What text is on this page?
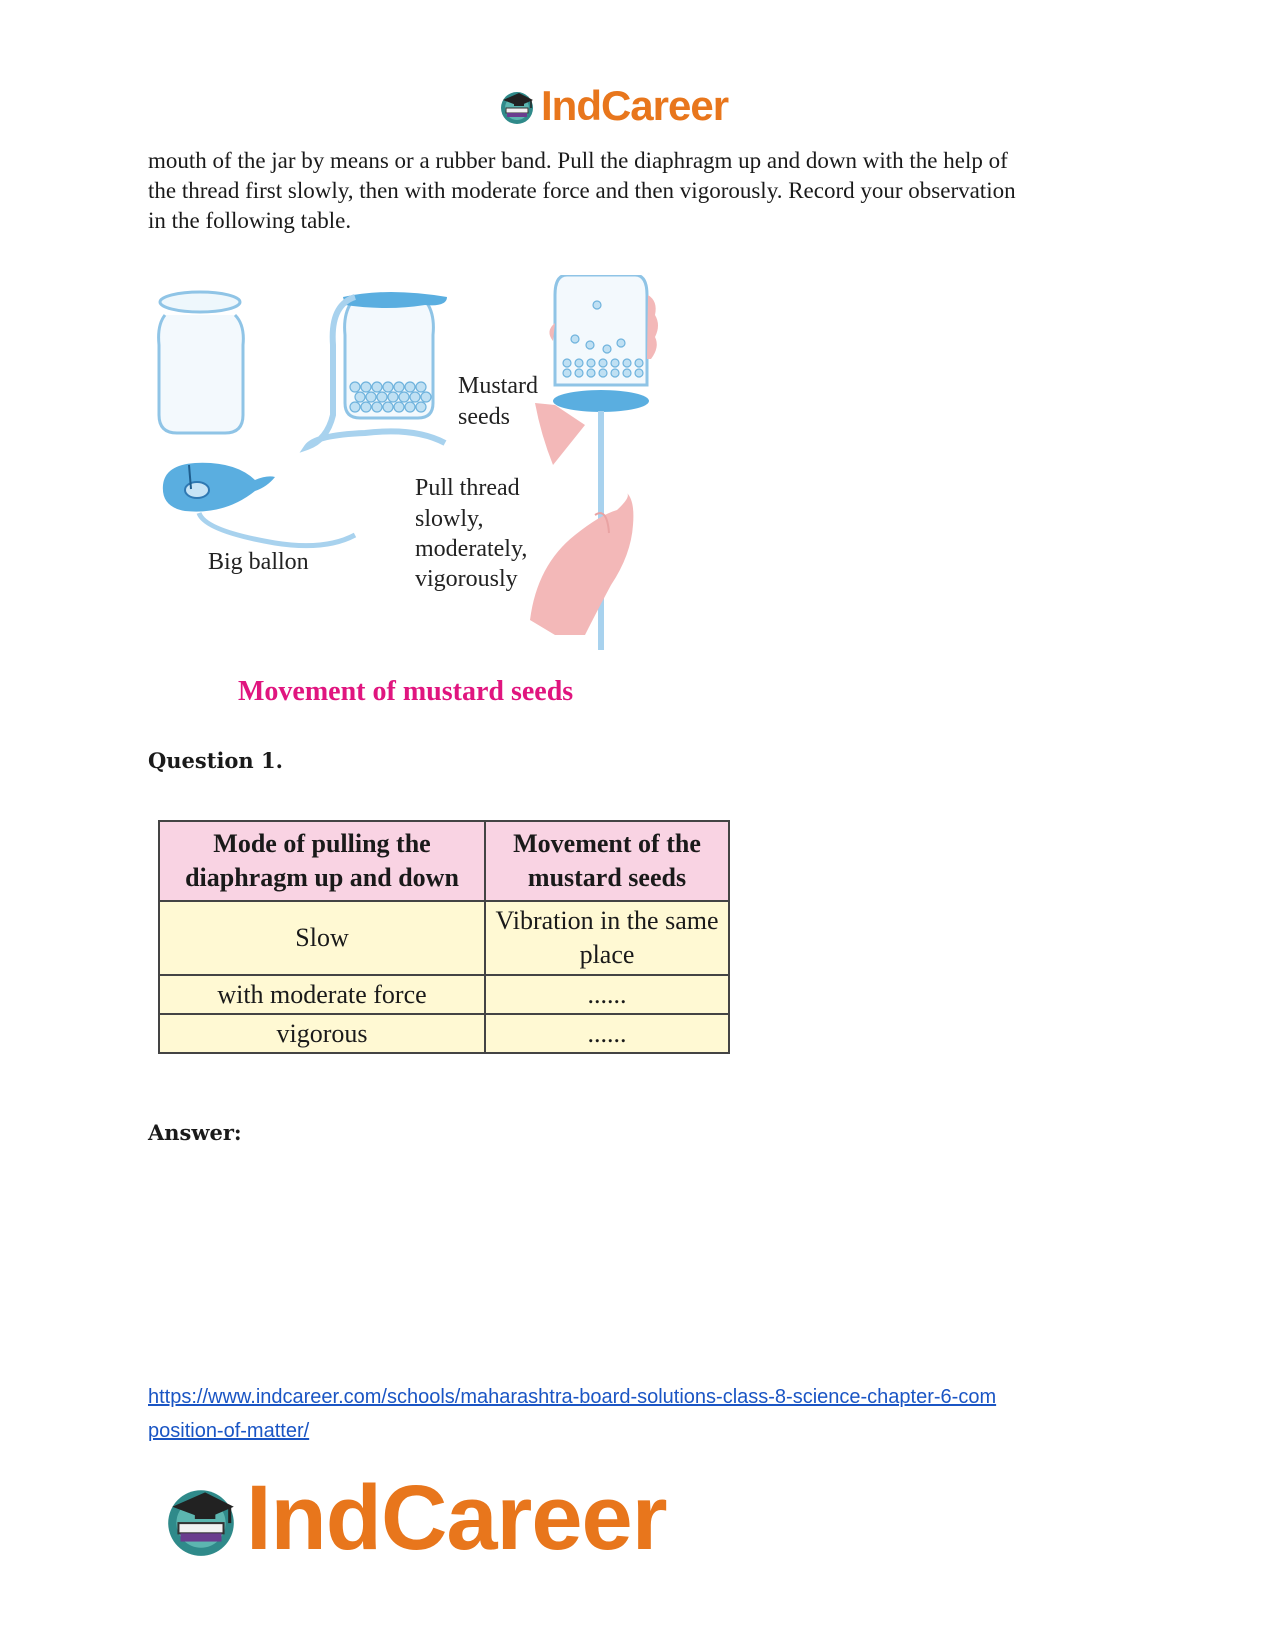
IndCareer

mouth of the jar by means or a rubber band. Pull the diaphragm up and down with the help of

the thread first slowly, then with moderate force and then vigorously. Record your observation

in the following table.

Mustard
seeds
Pull thread
slowly,
moderately,
vigorously
Big ballon
Movement of mustard seeds
Question 1.
Mode of pulling the diaphragm up and down	Movement of the mustard seeds
Slow	Vibration in the same place
with moderate force	......
vigorous	......
Answer:
https://www.indcareer.com/schools/maharashtra-board-solutions-class-8-science-chapter-6-com
position-of-matter/
IndCareer
